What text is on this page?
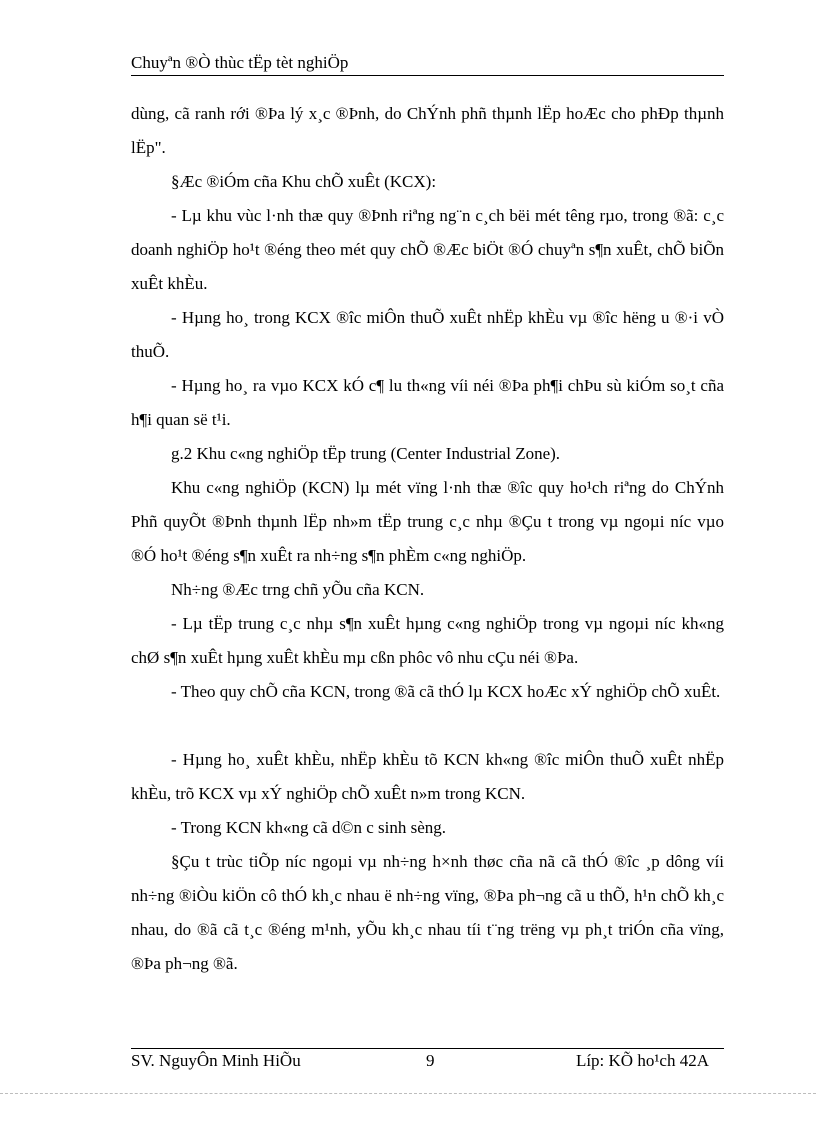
Chuyªn ®Ò thùc tËp tèt nghiÖp

dùng, cã ranh rới ®Þa lý x¸c ®Þnh, do ChÝnh phñ thµnh lËp hoÆc cho phÐp thµnh lËp".

§Æc ®iÓm cña Khu chÕ xuÊt (KCX):

- Lµ khu vùc l·nh thæ quy ®Þnh riªng ng¨n c¸ch bëi mét têng rµo, trong ®ã: c¸c doanh nghiÖp ho¹t ®éng theo mét quy chÕ ®Æc biÖt ®Ó chuyªn s¶n xuÊt, chÕ biÕn xuÊt khÈu.

- Hµng ho¸ trong KCX ®îc miÔn thuÕ xuÊt nhËp khÈu vµ ®îc hëng u ®·i vÒ thuÕ.

- Hµng ho¸ ra vµo KCX kÓ c¶ lu th«ng víi néi ®Þa ph¶i chÞu sù kiÓm so¸t cña h¶i quan së t¹i.

g.2 Khu c«ng nghiÖp tËp trung (Center Industrial Zone).

Khu c«ng nghiÖp (KCN) lµ mét vïng l·nh thæ ®îc quy ho¹ch riªng do ChÝnh Phñ quyÕt ®Þnh thµnh lËp nh»m tËp trung c¸c nhµ ®Çu t trong vµ ngoµi níc vµo ®Ó ho¹t ®éng s¶n xuÊt ra nh÷ng s¶n phÈm c«ng nghiÖp.

Nh÷ng ®Æc trng chñ yÕu cña KCN.

- Lµ tËp trung c¸c nhµ s¶n xuÊt hµng c«ng nghiÖp trong vµ ngoµi níc kh«ng chØ s¶n xuÊt hµng xuÊt khÈu mµ cßn phôc vô nhu cÇu néi ®Þa.

- Theo quy chÕ cña KCN, trong ®ã cã thÓ lµ KCX hoÆc xÝ nghiÖp chÕ xuÊt.

- Hµng ho¸ xuÊt khÈu, nhËp khÈu tõ KCN kh«ng ®îc miÔn thuÕ xuÊt nhËp khÈu, trõ KCX vµ xÝ nghiÖp chÕ xuÊt n»m trong KCN.

- Trong KCN kh«ng cã d©n c sinh sèng.

§Çu t trùc tiÕp níc ngoµi vµ nh÷ng h×nh thøc cña nã cã thÓ ®îc ¸p dông víi nh÷ng ®iÒu kiÖn cô thÓ kh¸c nhau ë nh÷ng vïng, ®Þa ph¬ng cã u thÕ, h¹n chÕ kh¸c nhau, do ®ã cã t¸c ®éng m¹nh, yÕu kh¸c nhau tíi t¨ng trëng vµ ph¸t triÓn cña vïng, ®Þa ph¬ng ®ã.

SV. NguyÔn Minh HiÕu	9	Líp: KÕ ho¹ch 42A
